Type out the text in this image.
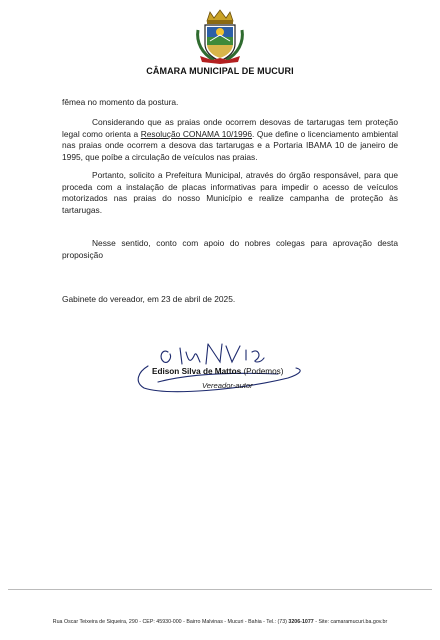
CÂMARA MUNICIPAL DE MUCURI

fêmea no momento da postura.

Considerando que as praias onde ocorrem desovas de tartarugas tem proteção legal como orienta a Resolução CONAMA 10/1996. Que define o licenciamento ambiental nas praias onde ocorrem a desova das tartarugas e a Portaria IBAMA 10 de janeiro de 1995, que poíbe a circulação de veículos nas praias.

Portanto, solicito a Prefeitura Municipal, através do órgão responsável, para que proceda com a instalação de placas informativas para impedir o acesso de veículos motorizados nas praias do nosso Município e realize campanha de proteção às tartarugas.

Nesse sentido, conto com apoio do nobres colegas para aprovação desta proposição

Gabinete do vereador, em 23 de abril de 2025.

Edison Silva de Mattos (Podemos)
Vereador-autor
Rua Oscar Teixeira de Siqueira, 290 - CEP: 45930-000 - Bairro Malvinas - Mucuri - Bahia - Tel.: (73) 3206-1077 - Site: camaramucuri.ba.gov.br
